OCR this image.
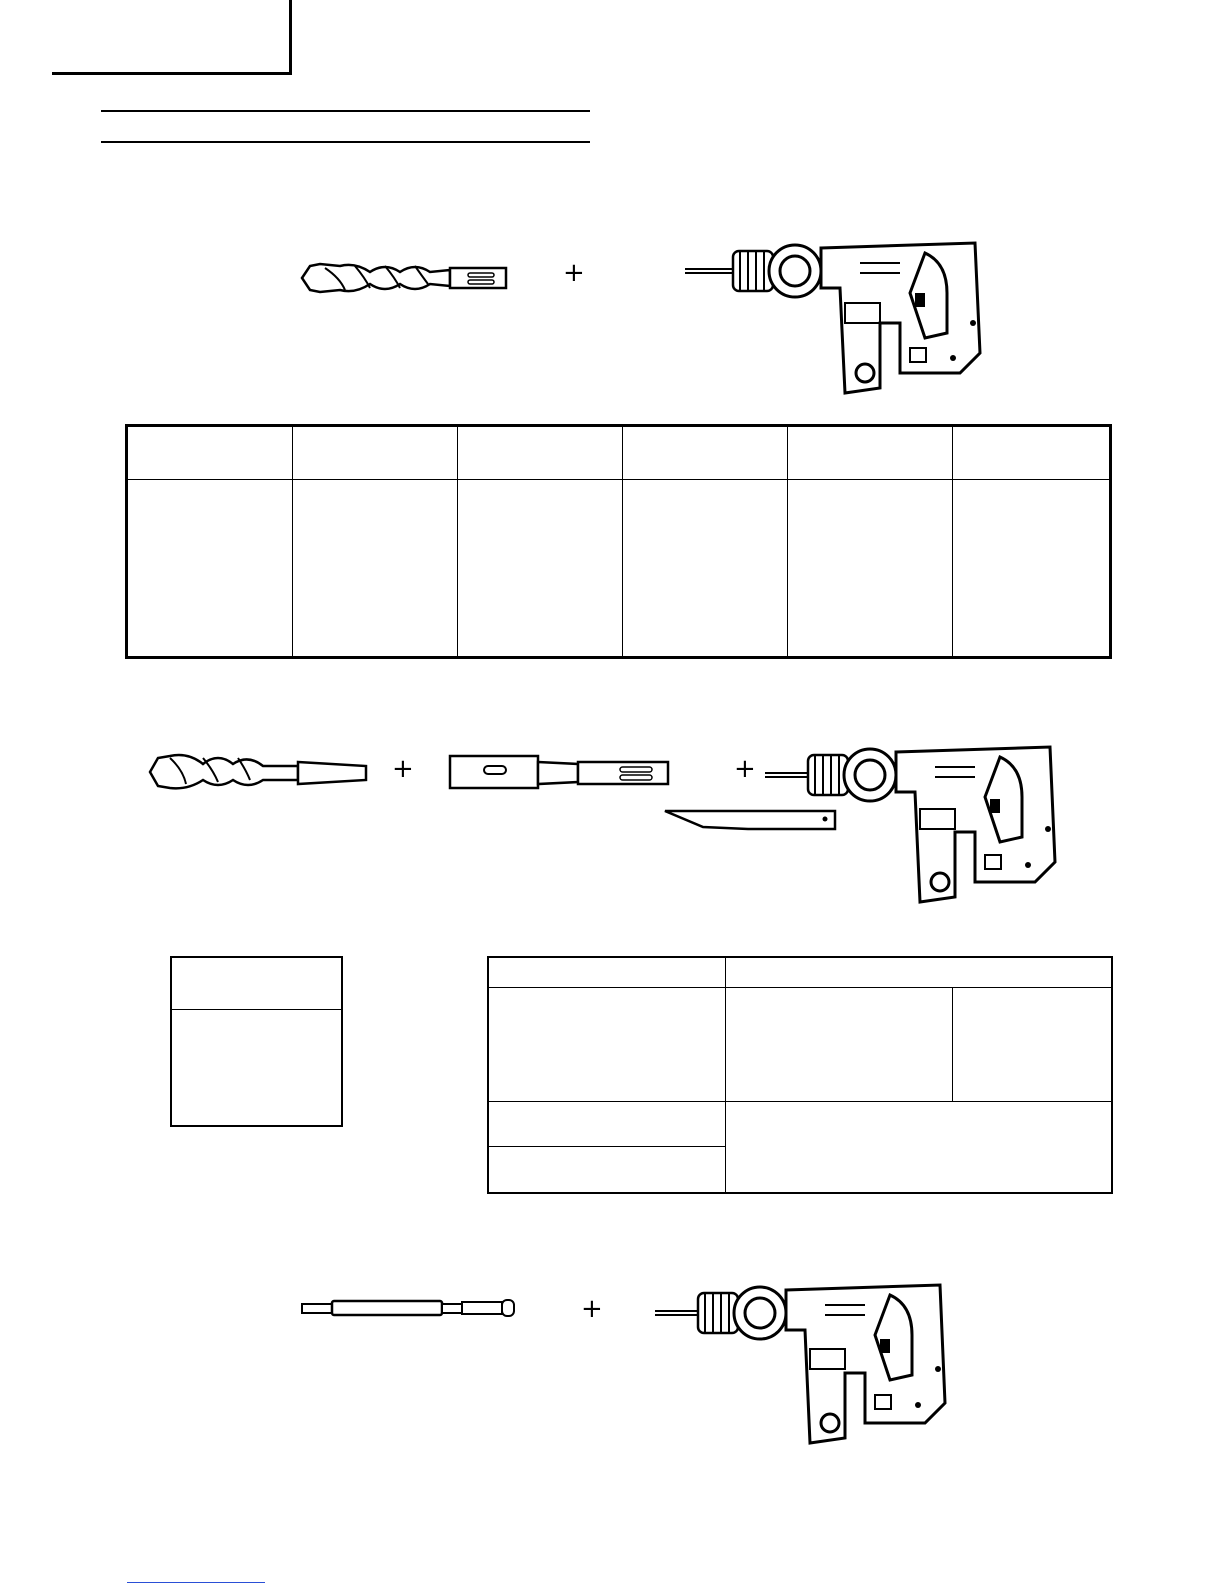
+

+	+

+
